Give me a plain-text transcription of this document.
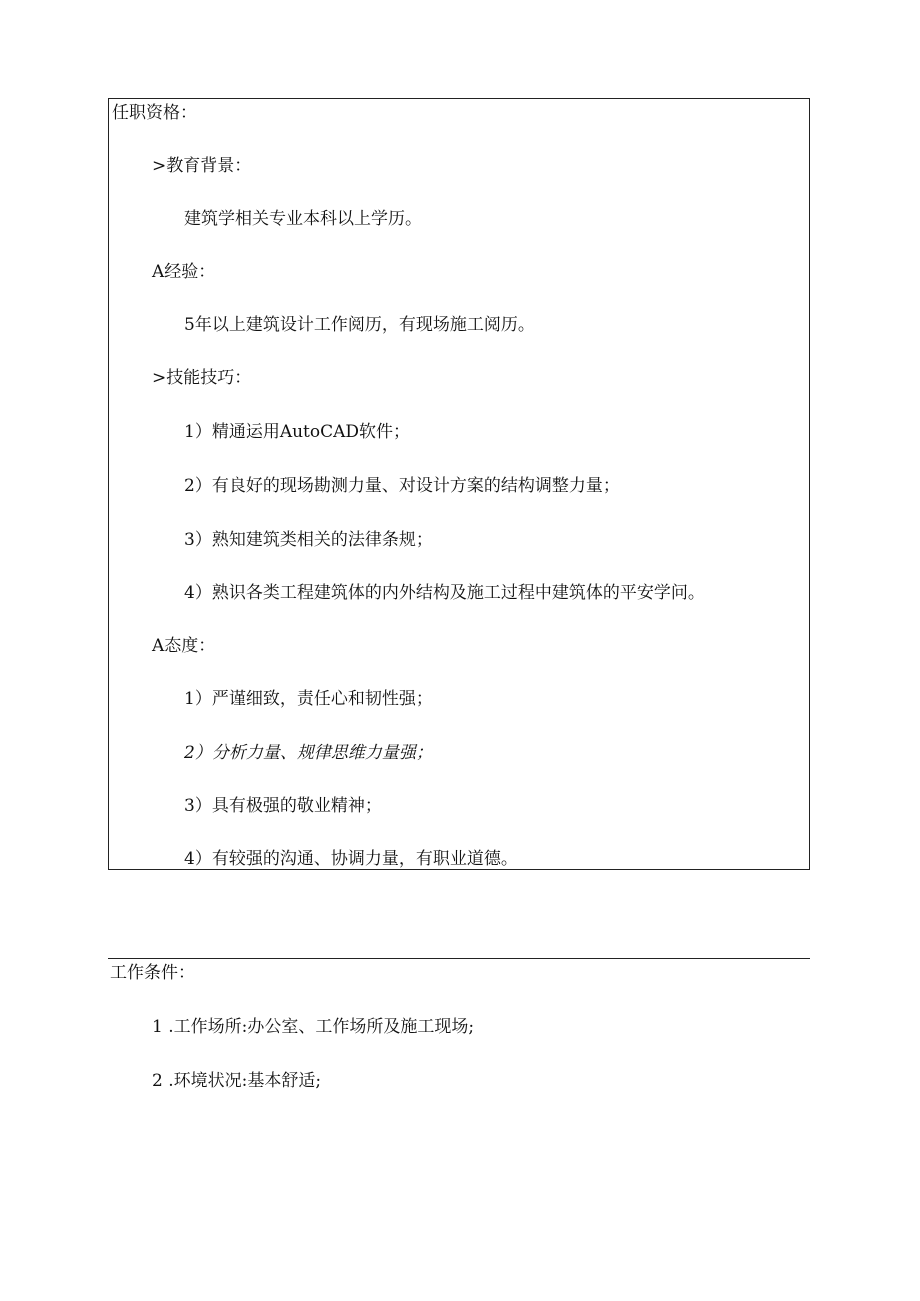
任职资格：
>教育背景：
建筑学相关专业本科以上学历。
A经验：
5年以上建筑设计工作阅历，有现场施工阅历。
>技能技巧：
1）精通运用AutoCAD软件；
2）有良好的现场勘测力量、对设计方案的结构调整力量；
3）熟知建筑类相关的法律条规；
4）熟识各类工程建筑体的内外结构及施工过程中建筑体的平安学问。
A态度：
1）严谨细致，责任心和韧性强；
2）分析力量、规律思维力量强；
3）具有极强的敬业精神；
4）有较强的沟通、协调力量，有职业道德。
工作条件：
1 .工作场所:办公室、工作场所及施工现场;
2 .环境状况:基本舒适;
